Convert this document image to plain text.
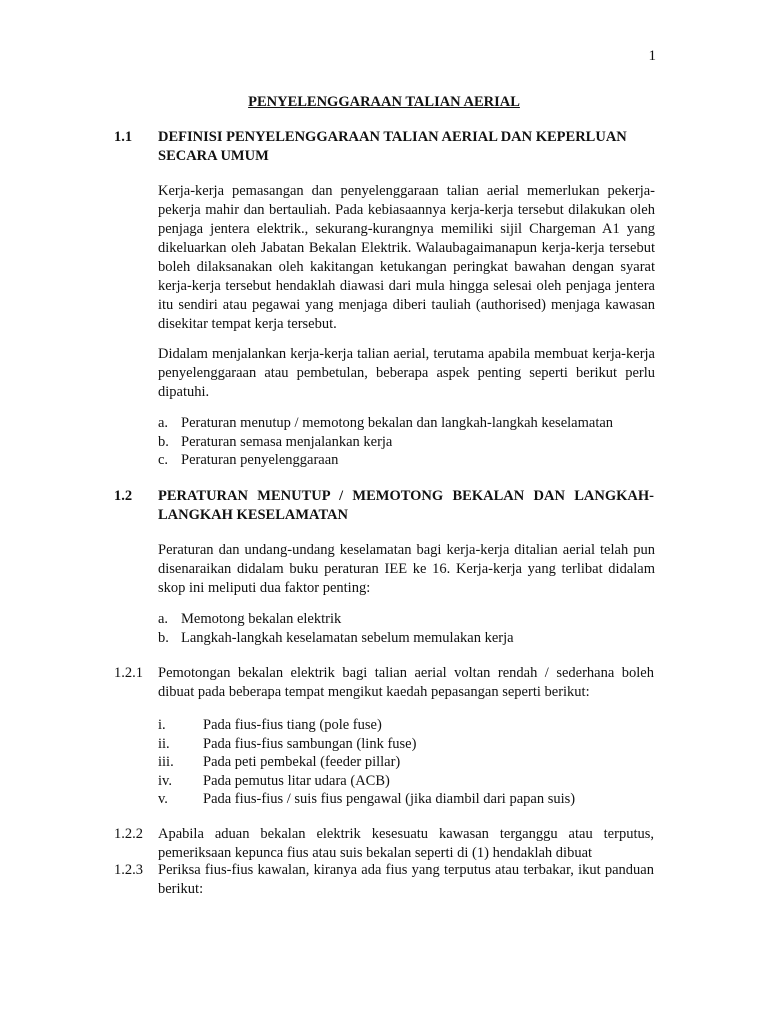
1
PENYELENGGARAAN TALIAN AERIAL
1.1	DEFINISI PENYELENGGARAAN TALIAN AERIAL DAN KEPERLUAN SECARA UMUM
Kerja-kerja pemasangan dan penyelenggaraan talian aerial memerlukan pekerja-pekerja mahir dan bertauliah. Pada kebiasaannya kerja-kerja tersebut dilakukan oleh penjaga jentera elektrik., sekurang-kurangnya memiliki sijil Chargeman A1 yang dikeluarkan oleh Jabatan Bekalan Elektrik. Walaubagaimanapun kerja-kerja tersebut boleh dilaksanakan oleh kakitangan ketukangan peringkat bawahan dengan syarat kerja-kerja tersebut hendaklah diawasi dari mula hingga selesai oleh penjaga jentera itu sendiri atau pegawai yang menjaga diberi tauliah (authorised) menjaga kawasan disekitar tempat kerja tersebut.
Didalam menjalankan kerja-kerja talian aerial, terutama apabila membuat kerja-kerja penyelenggaraan atau pembetulan, beberapa aspek penting seperti berikut perlu dipatuhi.
a. Peraturan menutup / memotong bekalan dan langkah-langkah keselamatan
b. Peraturan semasa menjalankan kerja
c. Peraturan penyelenggaraan
1.2	PERATURAN MENUTUP / MEMOTONG BEKALAN DAN LANGKAH-LANGKAH KESELAMATAN
Peraturan dan undang-undang keselamatan bagi kerja-kerja ditalian aerial telah pun disenaraikan didalam buku peraturan IEE ke 16. Kerja-kerja yang terlibat didalam skop ini meliputi dua faktor penting:
a. Memotong bekalan elektrik
b. Langkah-langkah keselamatan sebelum memulakan kerja
1.2.1	Pemotongan bekalan elektrik bagi talian aerial voltan rendah / sederhana boleh dibuat pada beberapa tempat mengikut kaedah pepasangan seperti berikut:
i.	Pada fius-fius tiang (pole fuse)
ii.	Pada fius-fius sambungan (link fuse)
iii.	Pada peti pembekal (feeder pillar)
iv.	Pada pemutus litar udara (ACB)
v.	Pada fius-fius / suis fius pengawal (jika diambil dari papan suis)
1.2.2	Apabila aduan bekalan elektrik kesesuatu kawasan terganggu atau terputus, pemeriksaan kepunca fius atau suis bekalan seperti di (1) hendaklah dibuat
1.2.3	Periksa fius-fius kawalan, kiranya ada fius yang terputus atau terbakar, ikut panduan berikut:
